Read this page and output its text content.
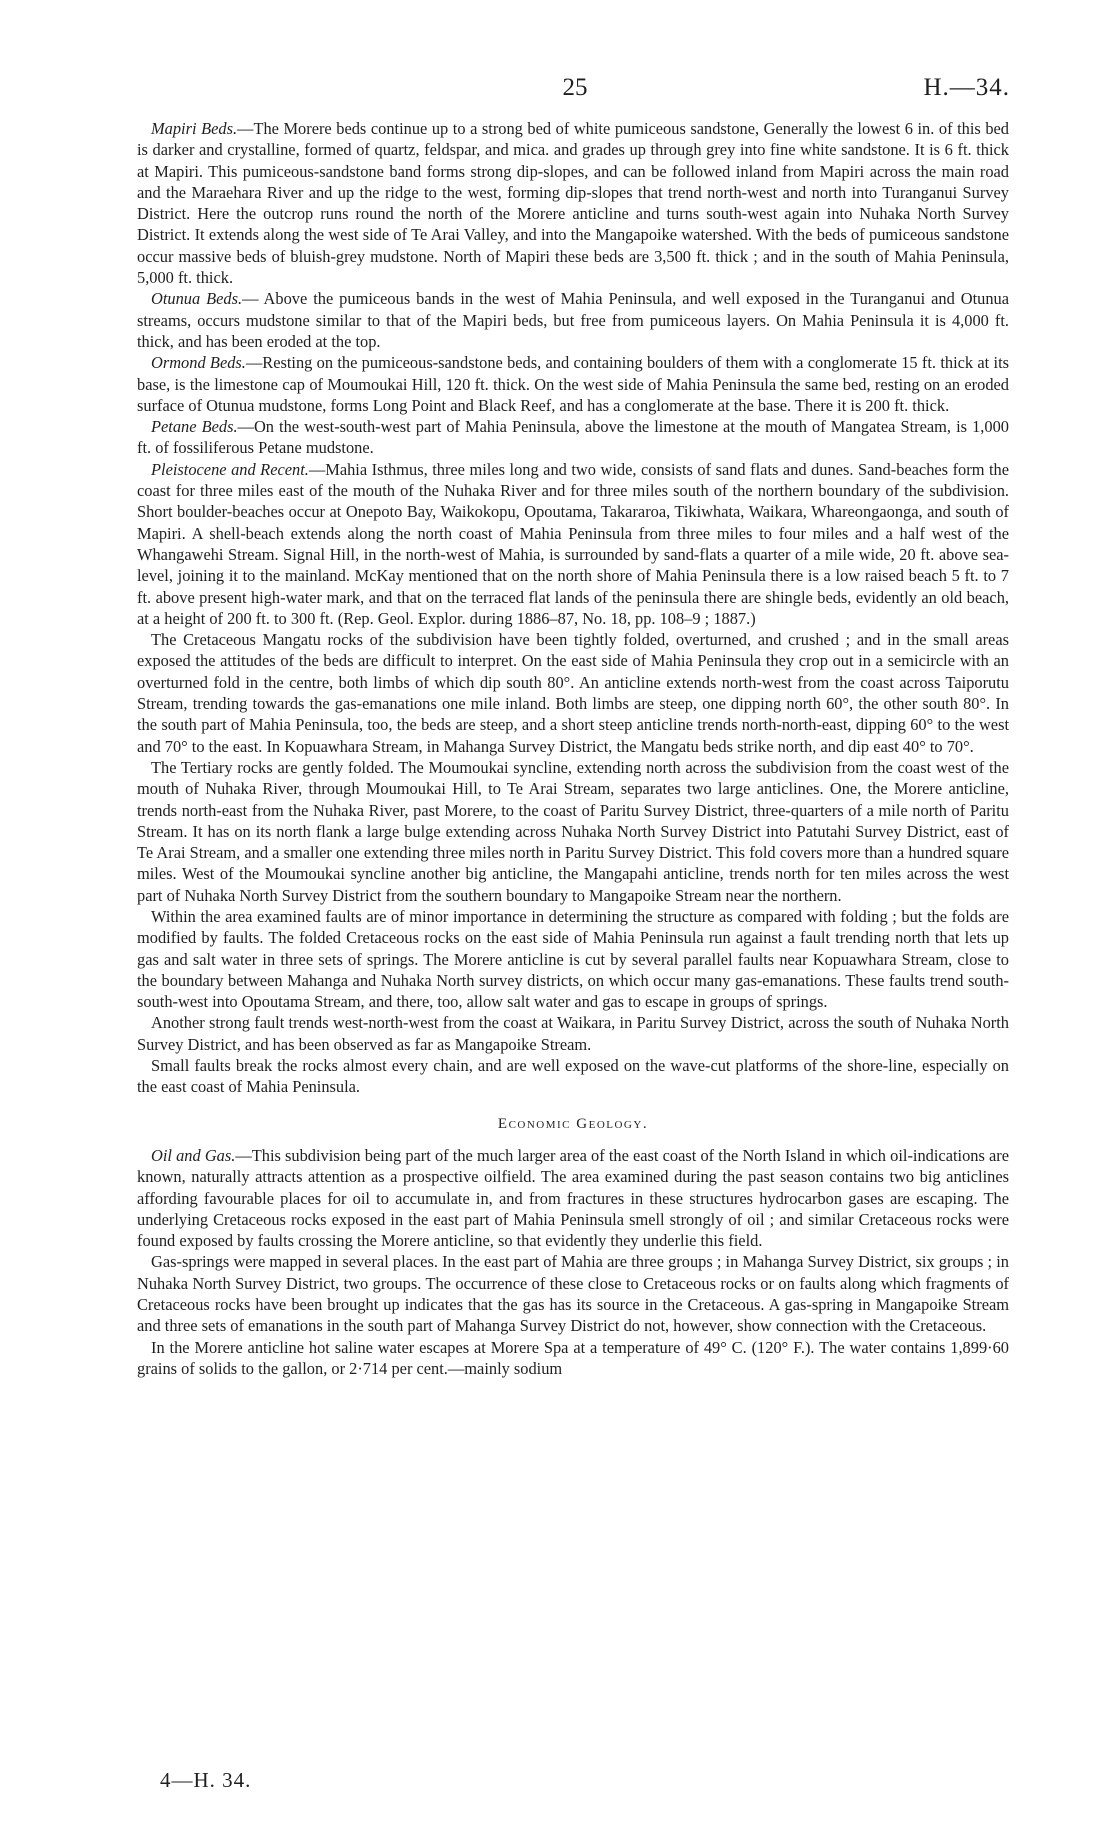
25	H.—34.

Mapiri Beds.—The Morere beds continue up to a strong bed of white pumiceous sandstone, Generally the lowest 6 in. of this bed is darker and crystalline, formed of quartz, feldspar, and mica. and grades up through grey into fine white sandstone. It is 6 ft. thick at Mapiri. This pumiceous-sandstone band forms strong dip-slopes, and can be followed inland from Mapiri across the main road and the Maraehara River and up the ridge to the west, forming dip-slopes that trend north-west and north into Turanganui Survey District. Here the outcrop runs round the north of the Morere anticline and turns south-west again into Nuhaka North Survey District. It extends along the west side of Te Arai Valley, and into the Mangapoike watershed. With the beds of pumiceous sandstone occur massive beds of bluish-grey mudstone. North of Mapiri these beds are 3,500 ft. thick ; and in the south of Mahia Peninsula, 5,000 ft. thick.

Otunua Beds.— Above the pumiceous bands in the west of Mahia Peninsula, and well exposed in the Turanganui and Otunua streams, occurs mudstone similar to that of the Mapiri beds, but free from pumiceous layers. On Mahia Peninsula it is 4,000 ft. thick, and has been eroded at the top.

Ormond Beds.—Resting on the pumiceous-sandstone beds, and containing boulders of them with a conglomerate 15 ft. thick at its base, is the limestone cap of Moumoukai Hill, 120 ft. thick. On the west side of Mahia Peninsula the same bed, resting on an eroded surface of Otunua mudstone, forms Long Point and Black Reef, and has a conglomerate at the base. There it is 200 ft. thick.

Petane Beds.—On the west-south-west part of Mahia Peninsula, above the limestone at the mouth of Mangatea Stream, is 1,000 ft. of fossiliferous Petane mudstone.

Pleistocene and Recent.—Mahia Isthmus, three miles long and two wide, consists of sand flats and dunes. Sand-beaches form the coast for three miles east of the mouth of the Nuhaka River and for three miles south of the northern boundary of the subdivision. Short boulder-beaches occur at Onepoto Bay, Waikokopu, Opoutama, Takararoa, Tikiwhata, Waikara, Whareongaonga, and south of Mapiri. A shell-beach extends along the north coast of Mahia Peninsula from three miles to four miles and a half west of the Whangawehi Stream. Signal Hill, in the north-west of Mahia, is surrounded by sand-flats a quarter of a mile wide, 20 ft. above sea-level, joining it to the mainland. McKay mentioned that on the north shore of Mahia Peninsula there is a low raised beach 5 ft. to 7 ft. above present high-water mark, and that on the terraced flat lands of the peninsula there are shingle beds, evidently an old beach, at a height of 200 ft. to 300 ft. (Rep. Geol. Explor. during 1886–87, No. 18, pp. 108–9 ; 1887.)

The Cretaceous Mangatu rocks of the subdivision have been tightly folded, overturned, and crushed ; and in the small areas exposed the attitudes of the beds are difficult to interpret. On the east side of Mahia Peninsula they crop out in a semicircle with an overturned fold in the centre, both limbs of which dip south 80°. An anticline extends north-west from the coast across Taiporutu Stream, trending towards the gas-emanations one mile inland. Both limbs are steep, one dipping north 60°, the other south 80°. In the south part of Mahia Peninsula, too, the beds are steep, and a short steep anticline trends north-north-east, dipping 60° to the west and 70° to the east. In Kopuawhara Stream, in Mahanga Survey District, the Mangatu beds strike north, and dip east 40° to 70°.

The Tertiary rocks are gently folded. The Moumoukai syncline, extending north across the subdivision from the coast west of the mouth of Nuhaka River, through Moumoukai Hill, to Te Arai Stream, separates two large anticlines. One, the Morere anticline, trends north-east from the Nuhaka River, past Morere, to the coast of Paritu Survey District, three-quarters of a mile north of Paritu Stream. It has on its north flank a large bulge extending across Nuhaka North Survey District into Patutahi Survey District, east of Te Arai Stream, and a smaller one extending three miles north in Paritu Survey District. This fold covers more than a hundred square miles. West of the Moumoukai syncline another big anticline, the Mangapahi anticline, trends north for ten miles across the west part of Nuhaka North Survey District from the southern boundary to Mangapoike Stream near the northern.

Within the area examined faults are of minor importance in determining the structure as compared with folding ; but the folds are modified by faults. The folded Cretaceous rocks on the east side of Mahia Peninsula run against a fault trending north that lets up gas and salt water in three sets of springs. The Morere anticline is cut by several parallel faults near Kopuawhara Stream, close to the boundary between Mahanga and Nuhaka North survey districts, on which occur many gas-emanations. These faults trend south-south-west into Opoutama Stream, and there, too, allow salt water and gas to escape in groups of springs.

Another strong fault trends west-north-west from the coast at Waikara, in Paritu Survey District, across the south of Nuhaka North Survey District, and has been observed as far as Mangapoike Stream.

Small faults break the rocks almost every chain, and are well exposed on the wave-cut platforms of the shore-line, especially on the east coast of Mahia Peninsula.

Economic Geology.

Oil and Gas.—This subdivision being part of the much larger area of the east coast of the North Island in which oil-indications are known, naturally attracts attention as a prospective oilfield. The area examined during the past season contains two big anticlines affording favourable places for oil to accumulate in, and from fractures in these structures hydrocarbon gases are escaping. The underlying Cretaceous rocks exposed in the east part of Mahia Peninsula smell strongly of oil ; and similar Cretaceous rocks were found exposed by faults crossing the Morere anticline, so that evidently they underlie this field.

Gas-springs were mapped in several places. In the east part of Mahia are three groups ; in Mahanga Survey District, six groups ; in Nuhaka North Survey District, two groups. The occurrence of these close to Cretaceous rocks or on faults along which fragments of Cretaceous rocks have been brought up indicates that the gas has its source in the Cretaceous. A gas-spring in Mangapoike Stream and three sets of emanations in the south part of Mahanga Survey District do not, however, show connection with the Cretaceous.

In the Morere anticline hot saline water escapes at Morere Spa at a temperature of 49° C. (120° F.). The water contains 1,899·60 grains of solids to the gallon, or 2·714 per cent.—mainly sodium

4—H. 34.
